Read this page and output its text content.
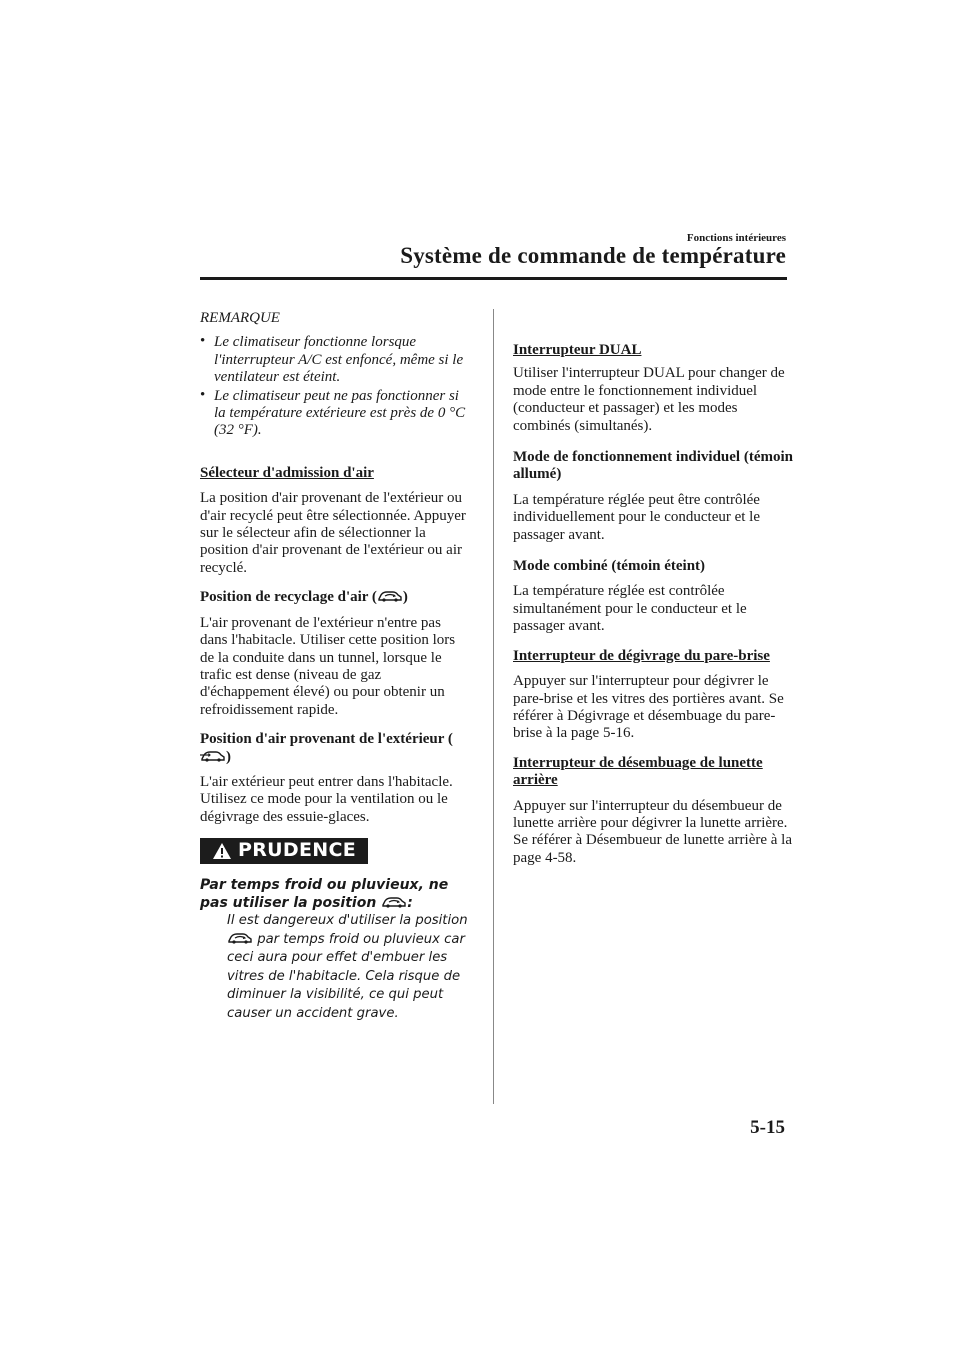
Fonctions intérieures
Système de commande de température
REMARQUE
• Le climatiseur fonctionne lorsque l'interrupteur A/C est enfoncé, même si le ventilateur est éteint.
• Le climatiseur peut ne pas fonctionner si la température extérieure est près de 0 °C (32 °F).
Sélecteur d'admission d'air

La position d'air provenant de l'extérieur ou d'air recyclé peut être sélectionnée. Appuyer sur le sélecteur afin de sélectionner la position d'air provenant de l'extérieur ou air recyclé.

Position de recyclage d'air ( )

L'air provenant de l'extérieur n'entre pas dans l'habitacle. Utiliser cette position lors de la conduite dans un tunnel, lorsque le trafic est dense (niveau de gaz d'échappement élevé) ou pour obtenir un refroidissement rapide.

Position d'air provenant de l'extérieur (
)

L'air extérieur peut entrer dans l'habitacle. Utilisez ce mode pour la ventilation ou le dégivrage des essuie-glaces.

PRUDENCE

Par temps froid ou pluvieux, ne pas utiliser la position
:

Il est dangereux d'utiliser la position
par temps froid ou pluvieux car ceci aura pour effet d'embuer les vitres de l'habitacle. Cela risque de diminuer la visibilité, ce qui peut causer un accident grave.

Interrupteur DUAL

Utiliser l'interrupteur DUAL pour changer de mode entre le fonctionnement individuel (conducteur et passager) et les modes combinés (simultanés).

Mode de fonctionnement individuel (témoin allumé)

La température réglée peut être contrôlée individuellement pour le conducteur et le passager avant.

Mode combiné (témoin éteint)

La température réglée est contrôlée simultanément pour le conducteur et le passager avant.

Interrupteur de dégivrage du pare-brise

Appuyer sur l'interrupteur pour dégivrer le pare-brise et les vitres des portières avant. Se référer à Dégivrage et désembuage du pare-brise à la page 5-16.

Interrupteur de désembuage de lunette arrière

Appuyer sur l'interrupteur du désembueur de lunette arrière pour dégivrer la lunette arrière.

Se référer à Désembueur de lunette arrière à la page 4-58.

5-15
